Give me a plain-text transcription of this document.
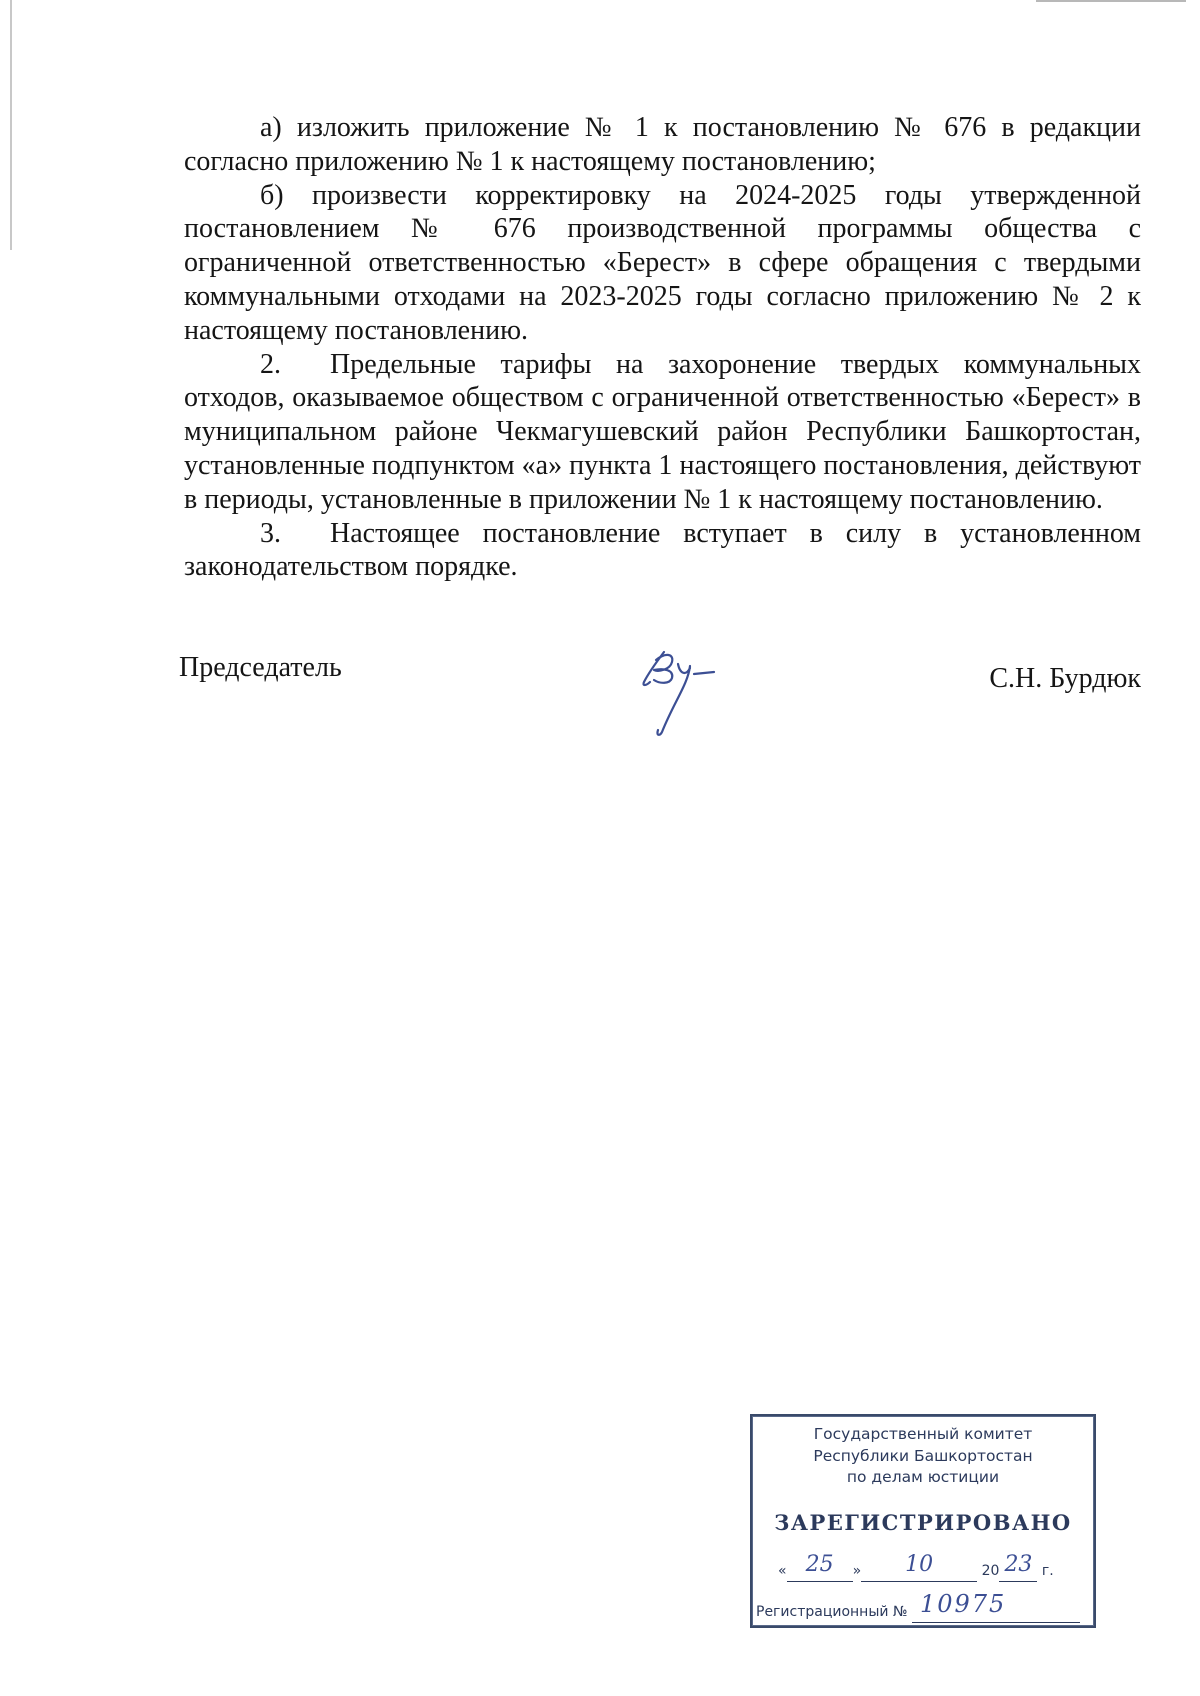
а) изложить приложение № 1 к постановлению № 676 в редакции согласно приложению № 1 к настоящему постановлению;

б) произвести корректировку на 2024-2025 годы утвержденной постановлением № 676 производственной программы общества с ограниченной ответственностью «Берест» в сфере обращения с твердыми коммунальными отходами на 2023-2025 годы согласно приложению № 2 к настоящему постановлению.

2. Предельные тарифы на захоронение твердых коммунальных отходов, оказываемое обществом с ограниченной ответственностью «Берест» в муниципальном районе Чекмагушевский район Республики Башкортостан, установленные подпунктом «а» пункта 1 настоящего постановления, действуют в периоды, установленные в приложении № 1 к настоящему постановлению.

3. Настоящее постановление вступает в силу в установленном законодательством порядке.

Председатель	С.Н. Бурдюк
Государственный комитет
Республики Башкортостан
по делам юстиции
ЗАРЕГИСТРИРОВАНО
« 25 » 10	20 23 г.
Регистрационный № 10975
